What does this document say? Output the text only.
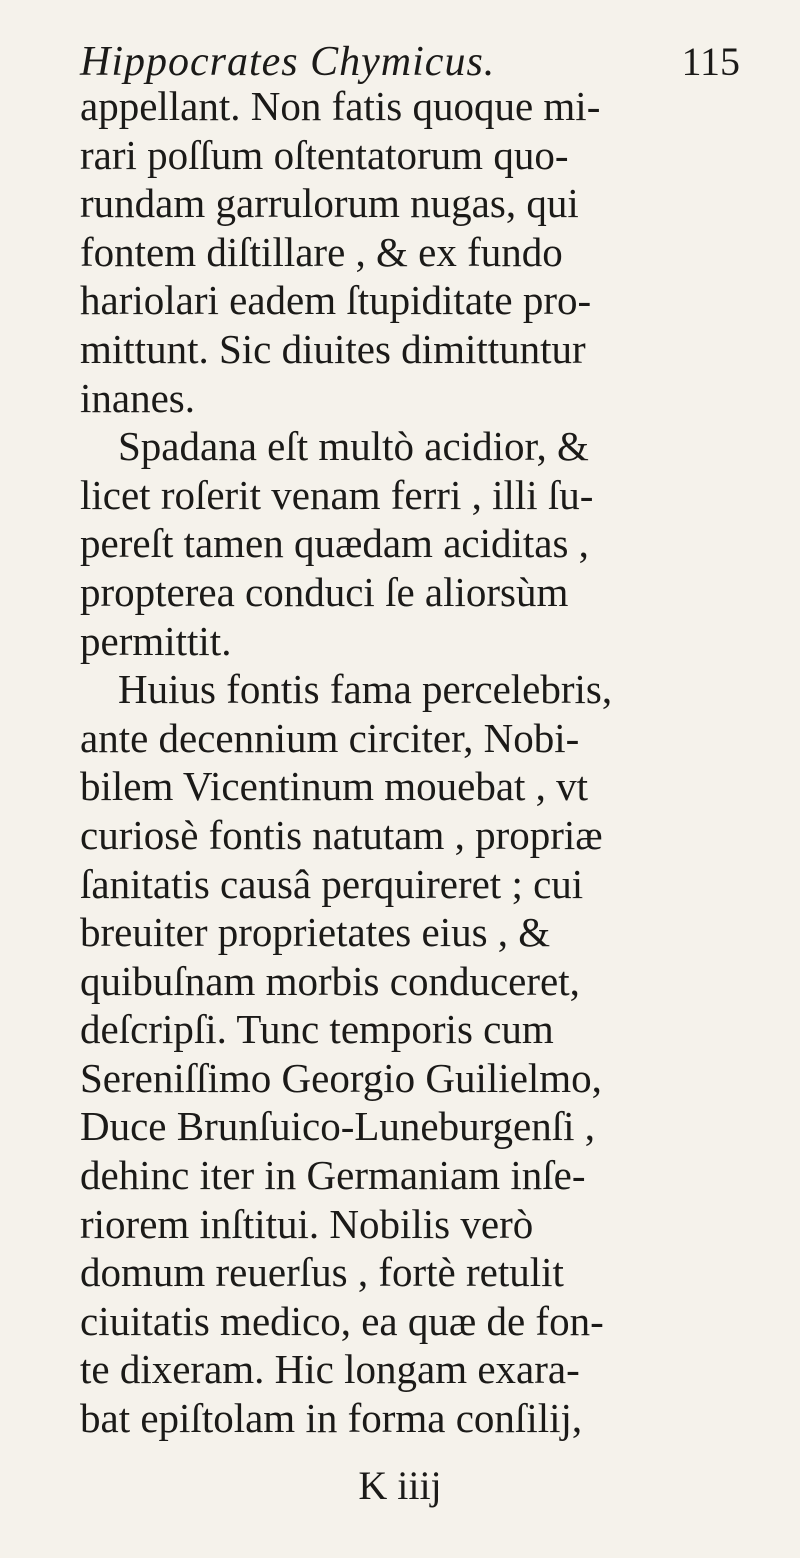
Hippocrates Chymicus.	115
appellant. Non fatis quoque mi-
rari poſſum oſtentatorum quo-
rundam garrulorum nugas, qui
fontem diſtillare , & ex fundo
hariolari eadem ſtupiditate pro-
mittunt. Sic diuites dimittuntur
inanes.
Spadana eſt multò acidior, &
licet roſerit venam ferri , illi ſu-
pereſt tamen quædam aciditas ,
propterea conduci ſe aliorsùm
permittit.
Huius fontis fama percelebris,
ante decennium circiter, Nobi-
bilem Vicentinum mouebat , vt
curiosè fontis natutam , propriæ
ſanitatis causâ perquireret ; cui
breuiter proprietates eius , &
quibuſnam morbis conduceret,
deſcripſi. Tunc temporis cum
Sereniſſimo Georgio Guilielmo,
Duce Brunſuico-Luneburgenſi ,
dehinc iter in Germaniam inſe-
riorem inſtitui. Nobilis verò
domum reuerſus , fortè retulit
ciuitatis medico, ea quæ de fon-
te dixeram. Hic longam exara-
bat epiſtolam in forma conſilij,
K iiij
